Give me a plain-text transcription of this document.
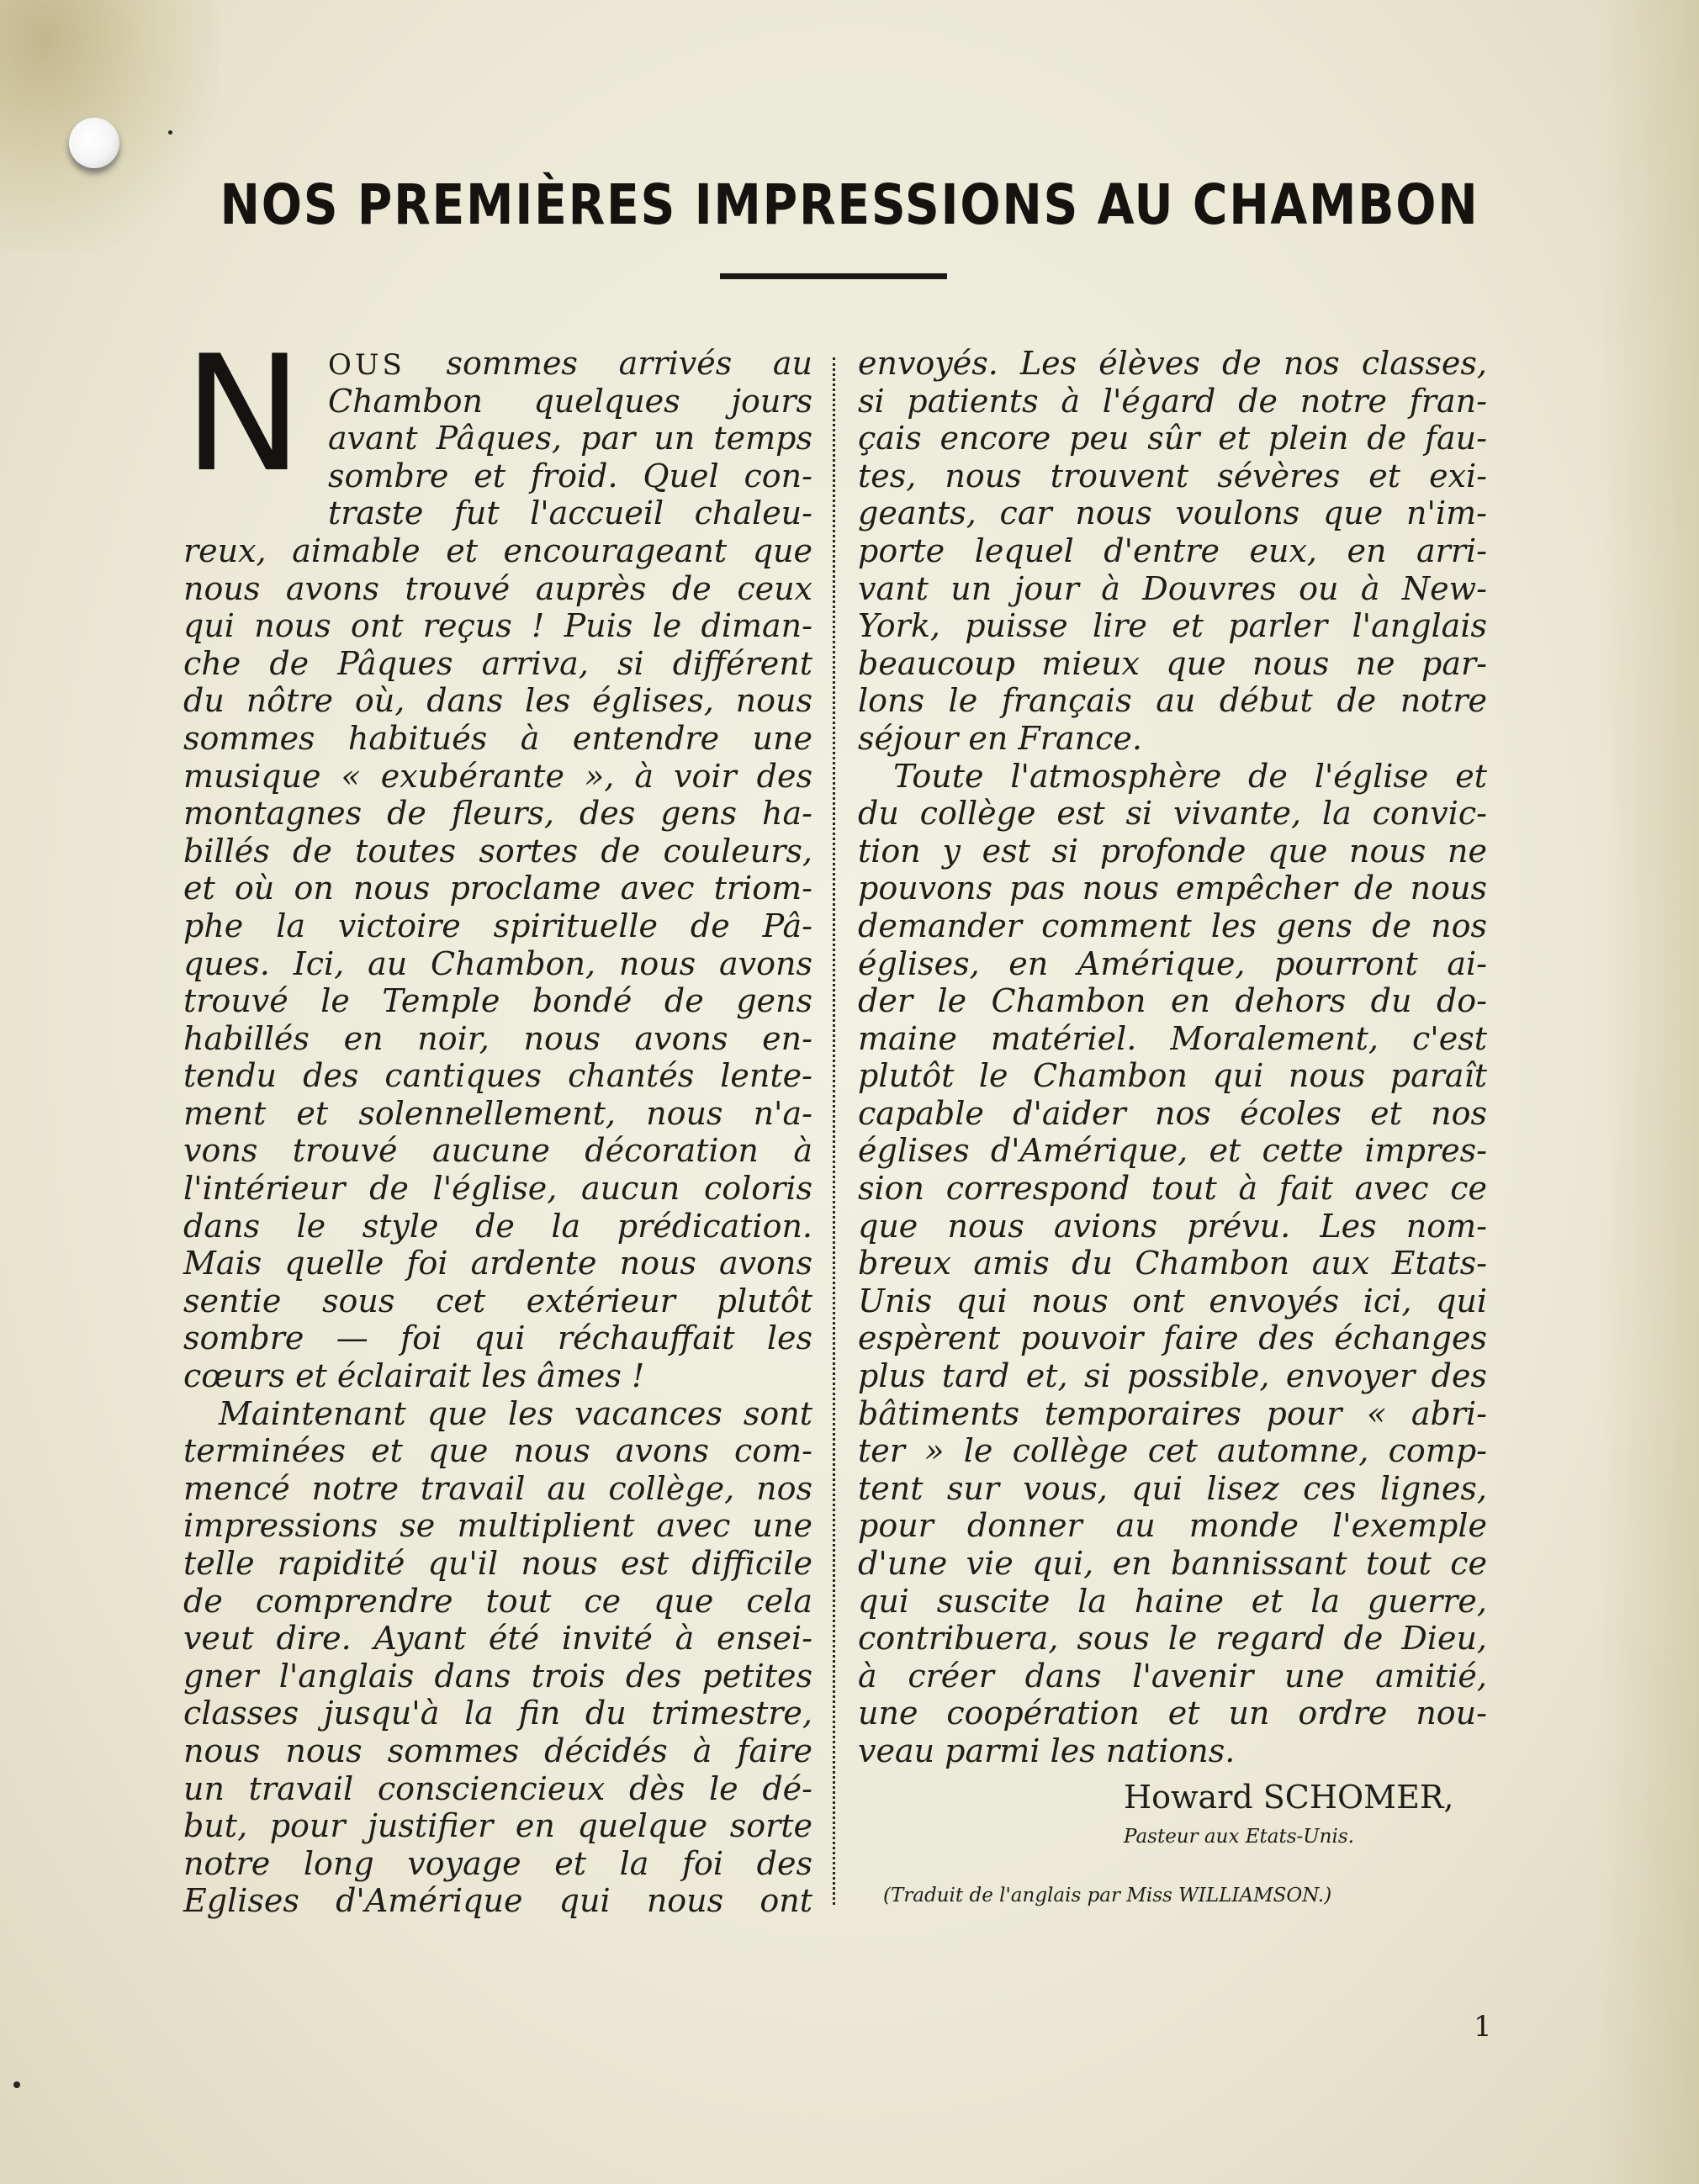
NOS PREMIÈRES IMPRESSIONS AU CHAMBON
N OUS sommes arrivés au
Chambon quelques jours
avant Pâques, par un temps
sombre et froid. Quel con-
traste fut l'accueil chaleu-
reux, aimable et encourageant que
nous avons trouvé auprès de ceux
qui nous ont reçus ! Puis le diman-
che de Pâques arriva, si différent
du nôtre où, dans les églises, nous
sommes habitués à entendre une
musique « exubérante », à voir des
montagnes de fleurs, des gens ha-
billés de toutes sortes de couleurs,
et où on nous proclame avec triom-
phe la victoire spirituelle de Pâ-
ques. Ici, au Chambon, nous avons
trouvé le Temple bondé de gens
habillés en noir, nous avons en-
tendu des cantiques chantés lente-
ment et solennellement, nous n'a-
vons trouvé aucune décoration à
l'intérieur de l'église, aucun coloris
dans le style de la prédication.
Mais quelle foi ardente nous avons
sentie sous cet extérieur plutôt
sombre — foi qui réchauffait les
cœurs et éclairait les âmes !
Maintenant que les vacances sont
terminées et que nous avons com-
mencé notre travail au collège, nos
impressions se multiplient avec une
telle rapidité qu'il nous est difficile
de comprendre tout ce que cela
veut dire. Ayant été invité à ensei-
gner l'anglais dans trois des petites
classes jusqu'à la fin du trimestre,
nous nous sommes décidés à faire
un travail consciencieux dès le dé-
but, pour justifier en quelque sorte
notre long voyage et la foi des
Eglises d'Amérique qui nous ont
envoyés. Les élèves de nos classes,
si patients à l'égard de notre fran-
çais encore peu sûr et plein de fau-
tes, nous trouvent sévères et exi-
geants, car nous voulons que n'im-
porte lequel d'entre eux, en arri-
vant un jour à Douvres ou à New-
York, puisse lire et parler l'anglais
beaucoup mieux que nous ne par-
lons le français au début de notre
séjour en France.
Toute l'atmosphère de l'église et
du collège est si vivante, la convic-
tion y est si profonde que nous ne
pouvons pas nous empêcher de nous
demander comment les gens de nos
églises, en Amérique, pourront ai-
der le Chambon en dehors du do-
maine matériel. Moralement, c'est
plutôt le Chambon qui nous paraît
capable d'aider nos écoles et nos
églises d'Amérique, et cette impres-
sion correspond tout à fait avec ce
que nous avions prévu. Les nom-
breux amis du Chambon aux Etats-
Unis qui nous ont envoyés ici, qui
espèrent pouvoir faire des échanges
plus tard et, si possible, envoyer des
bâtiments temporaires pour « abri-
ter » le collège cet automne, comp-
tent sur vous, qui lisez ces lignes,
pour donner au monde l'exemple
d'une vie qui, en bannissant tout ce
qui suscite la haine et la guerre,
contribuera, sous le regard de Dieu,
à créer dans l'avenir une amitié,
une coopération et un ordre nou-
veau parmi les nations.
Howard SCHOMER,
Pasteur aux Etats-Unis.
(Traduit de l'anglais par Miss WILLIAMSON.)
1
